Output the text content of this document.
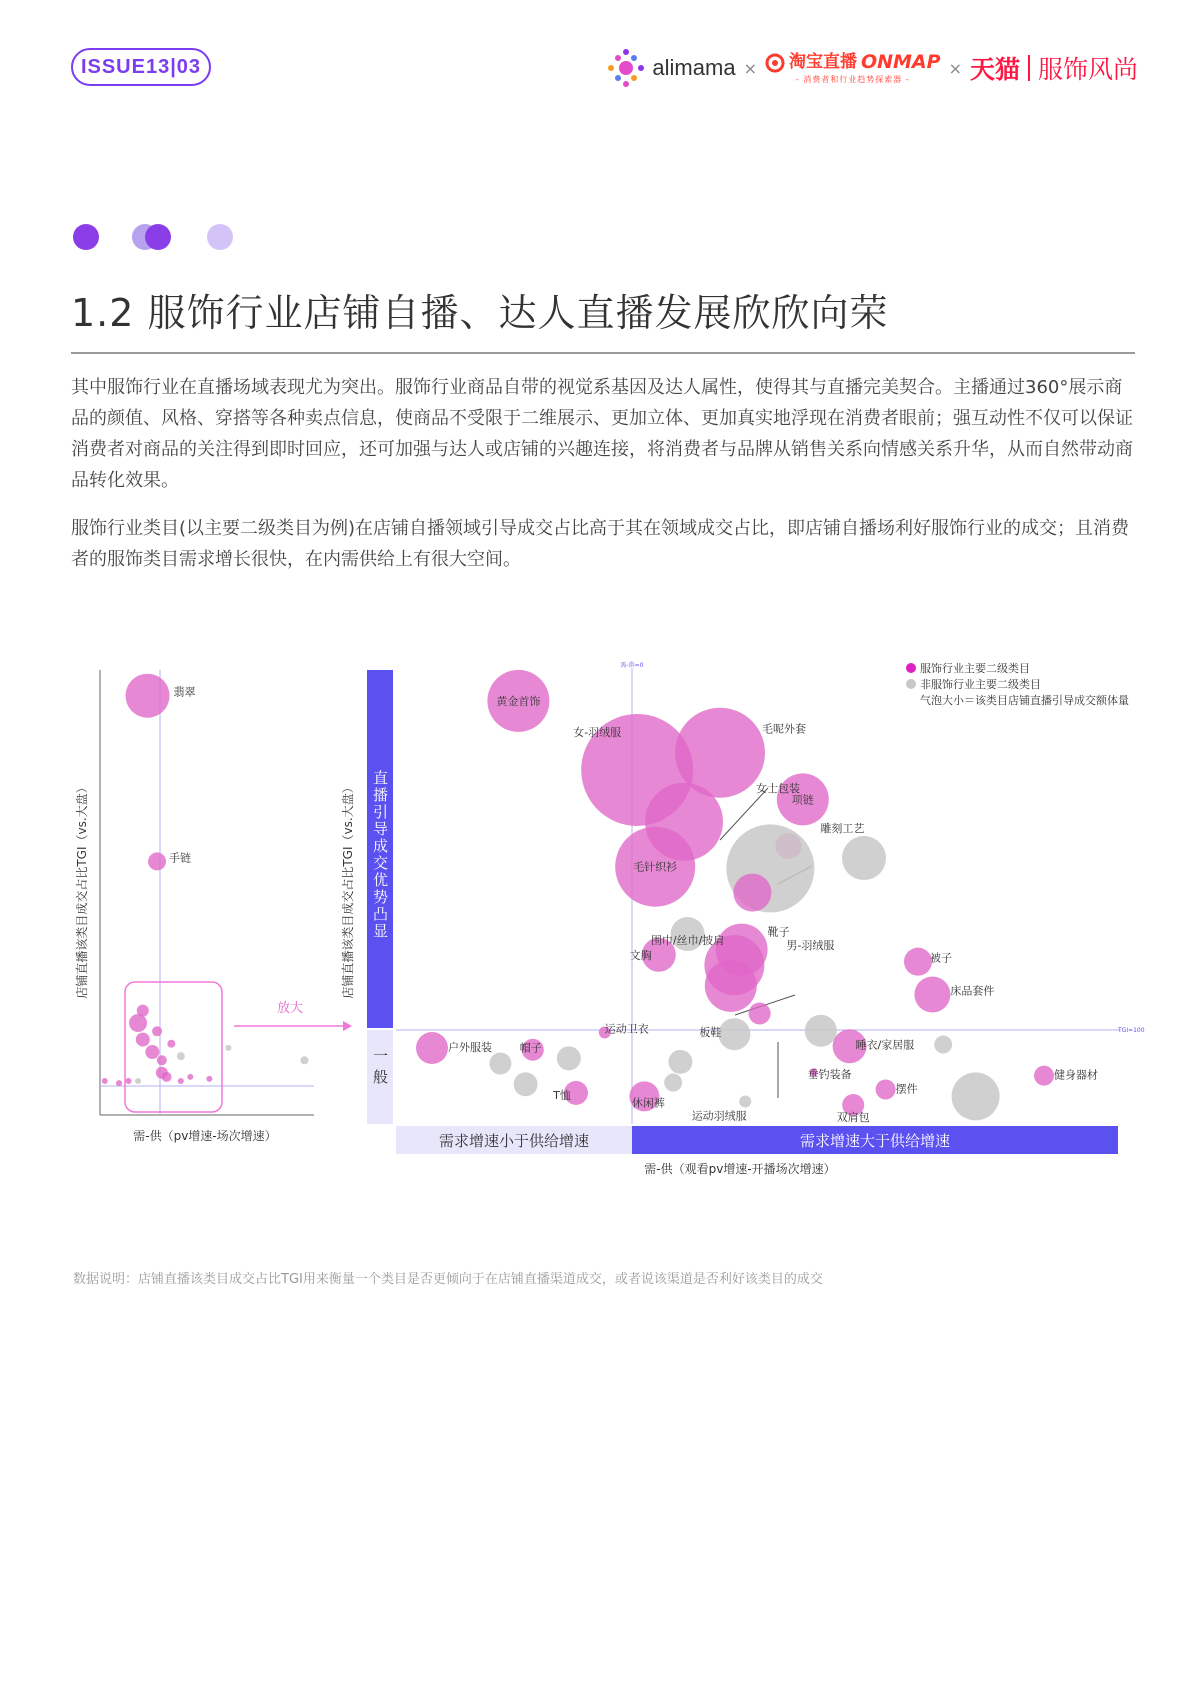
ISSUE13|03	alimama × 淘宝直播 ONMAP
- 消费者和行业趋势探索器 -
× 天猫 服饰风尚
1.2 服饰行业店铺自播、达人直播发展欣欣向荣

其中服饰行业在直播场域表现尤为突出。服饰行业商品自带的视觉系基因及达人属性，使得其与直播完美契合。主播通过360°展示商品的颜值、风格、穿搭等各种卖点信息，使商品不受限于二维展示、更加立体、更加真实地浮现在消费者眼前；强互动性不仅可以保证消费者对商品的关注得到即时回应，还可加强与达人或店铺的兴趣连接，将消费者与品牌从销售关系向情感关系升华，从而自然带动商品转化效果。

服饰行业类目(以主要二级类目为例)在店铺自播领域引导成交占比高于其在领域成交占比，即店铺自播场利好服饰行业的成交；且消费者的服饰类目需求增长很快，在内需供给上有很大空间。

放大
翡翠
手链
店铺直播该类目成交占比TGI（vs.大盘）
需-供（pv增速-场次增速）
直播引导成交优势凸显
一般
需求增速小于供给增速	需求增速大于供给增速
需-供=0
TGI=100
黄金首饰
女-羽绒服	毛呢外套
女士包装
项链
雕刻工艺
毛针织衫
围巾/丝巾/披肩
靴子
文胸
男-羽绒服
被子
床品套件
户外服装	帽子
运动卫衣	板鞋
睡衣/家居服
T恤
休闲裤
垂钓装备
摆件
健身器材
运动羽绒服	双肩包
服饰行业主要二级类目
非服饰行业主要二级类目
气泡大小＝该类目店铺直播引导成交额体量
店铺直播该类目成交占比TGI（vs.大盘）
需-供（观看pv增速-开播场次增速）
数据说明：店铺直播该类目成交占比TGI用来衡量一个类目是否更倾向于在店铺直播渠道成交，或者说该渠道是否利好该类目的成交
